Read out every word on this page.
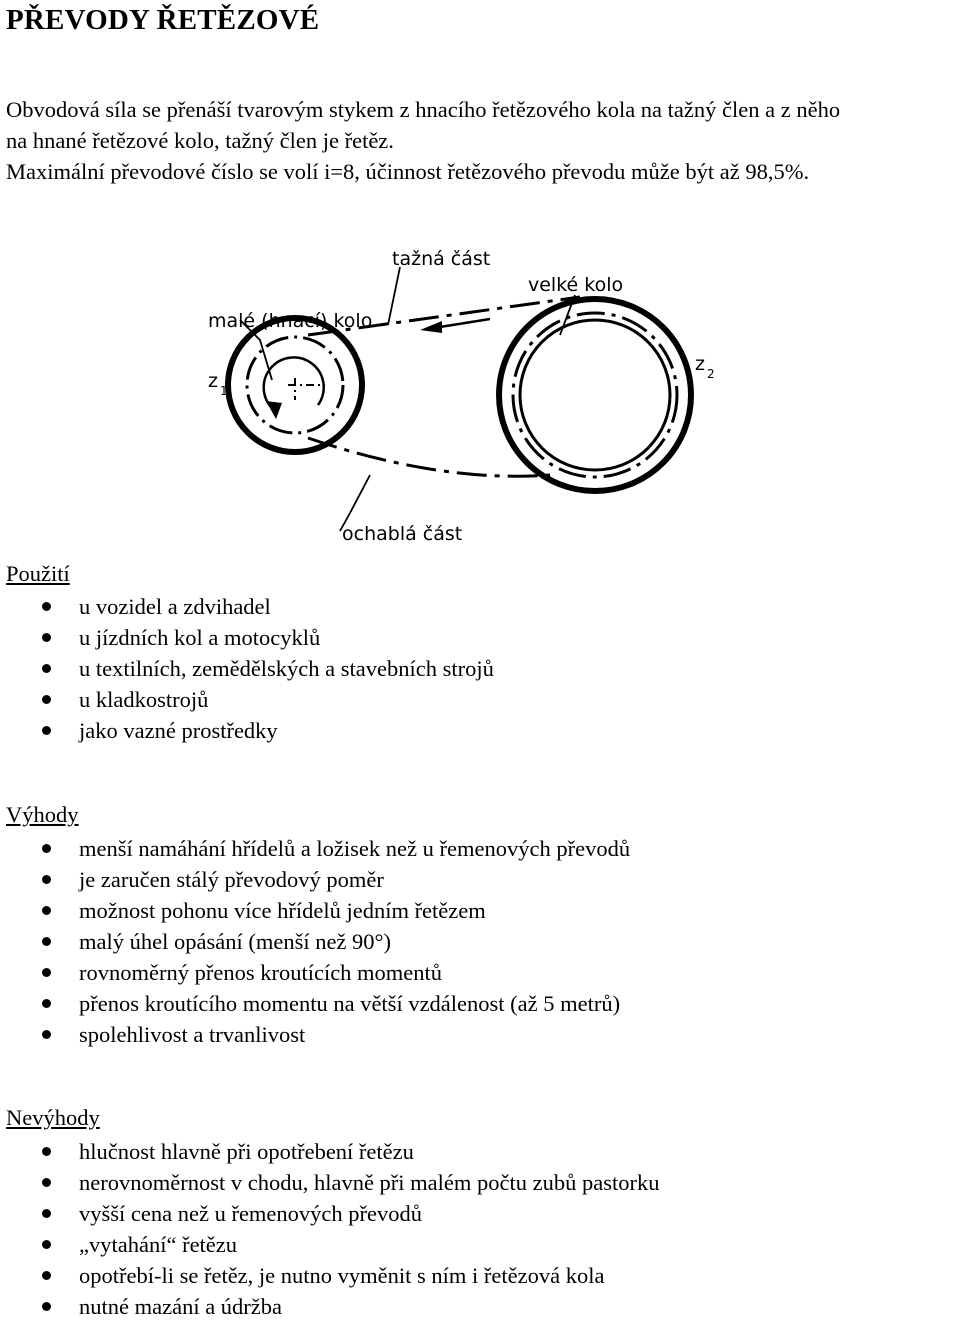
PŘEVODY ŘETĚZOVÉ

Obvodová síla se přenáší tvarovým stykem z hnacího řetězového kola na tažný člen a z něho

na hnané řetězové kolo, tažný člen je řetěz.

Maximální převodové číslo se volí i=8, účinnost řetězového převodu může být až 98,5%.

tažná část
velké kolo
malé (hnací) kolo
ochablá část
z 1
z 2
Použití
u vozidel a zdvihadel
u jízdních kol a motocyklů
u textilních, zemědělských a stavebních strojů
u kladkostrojů
jako vazné prostředky
Výhody
menší namáhání hřídelů a ložisek než u řemenových převodů
je zaručen stálý převodový poměr
možnost pohonu více hřídelů jedním řetězem
malý úhel opásání (menší než 90°)
rovnoměrný přenos kroutících momentů
přenos kroutícího momentu na větší vzdálenost (až 5 metrů)
spolehlivost a trvanlivost
Nevýhody
hlučnost hlavně při opotřebení řetězu
nerovnoměrnost v chodu, hlavně při malém počtu zubů pastorku
vyšší cena než u řemenových převodů
„vytahání“ řetězu
opotřebí-li se řetěz, je nutno vyměnit s ním i řetězová kola
nutné mazání a údržba
